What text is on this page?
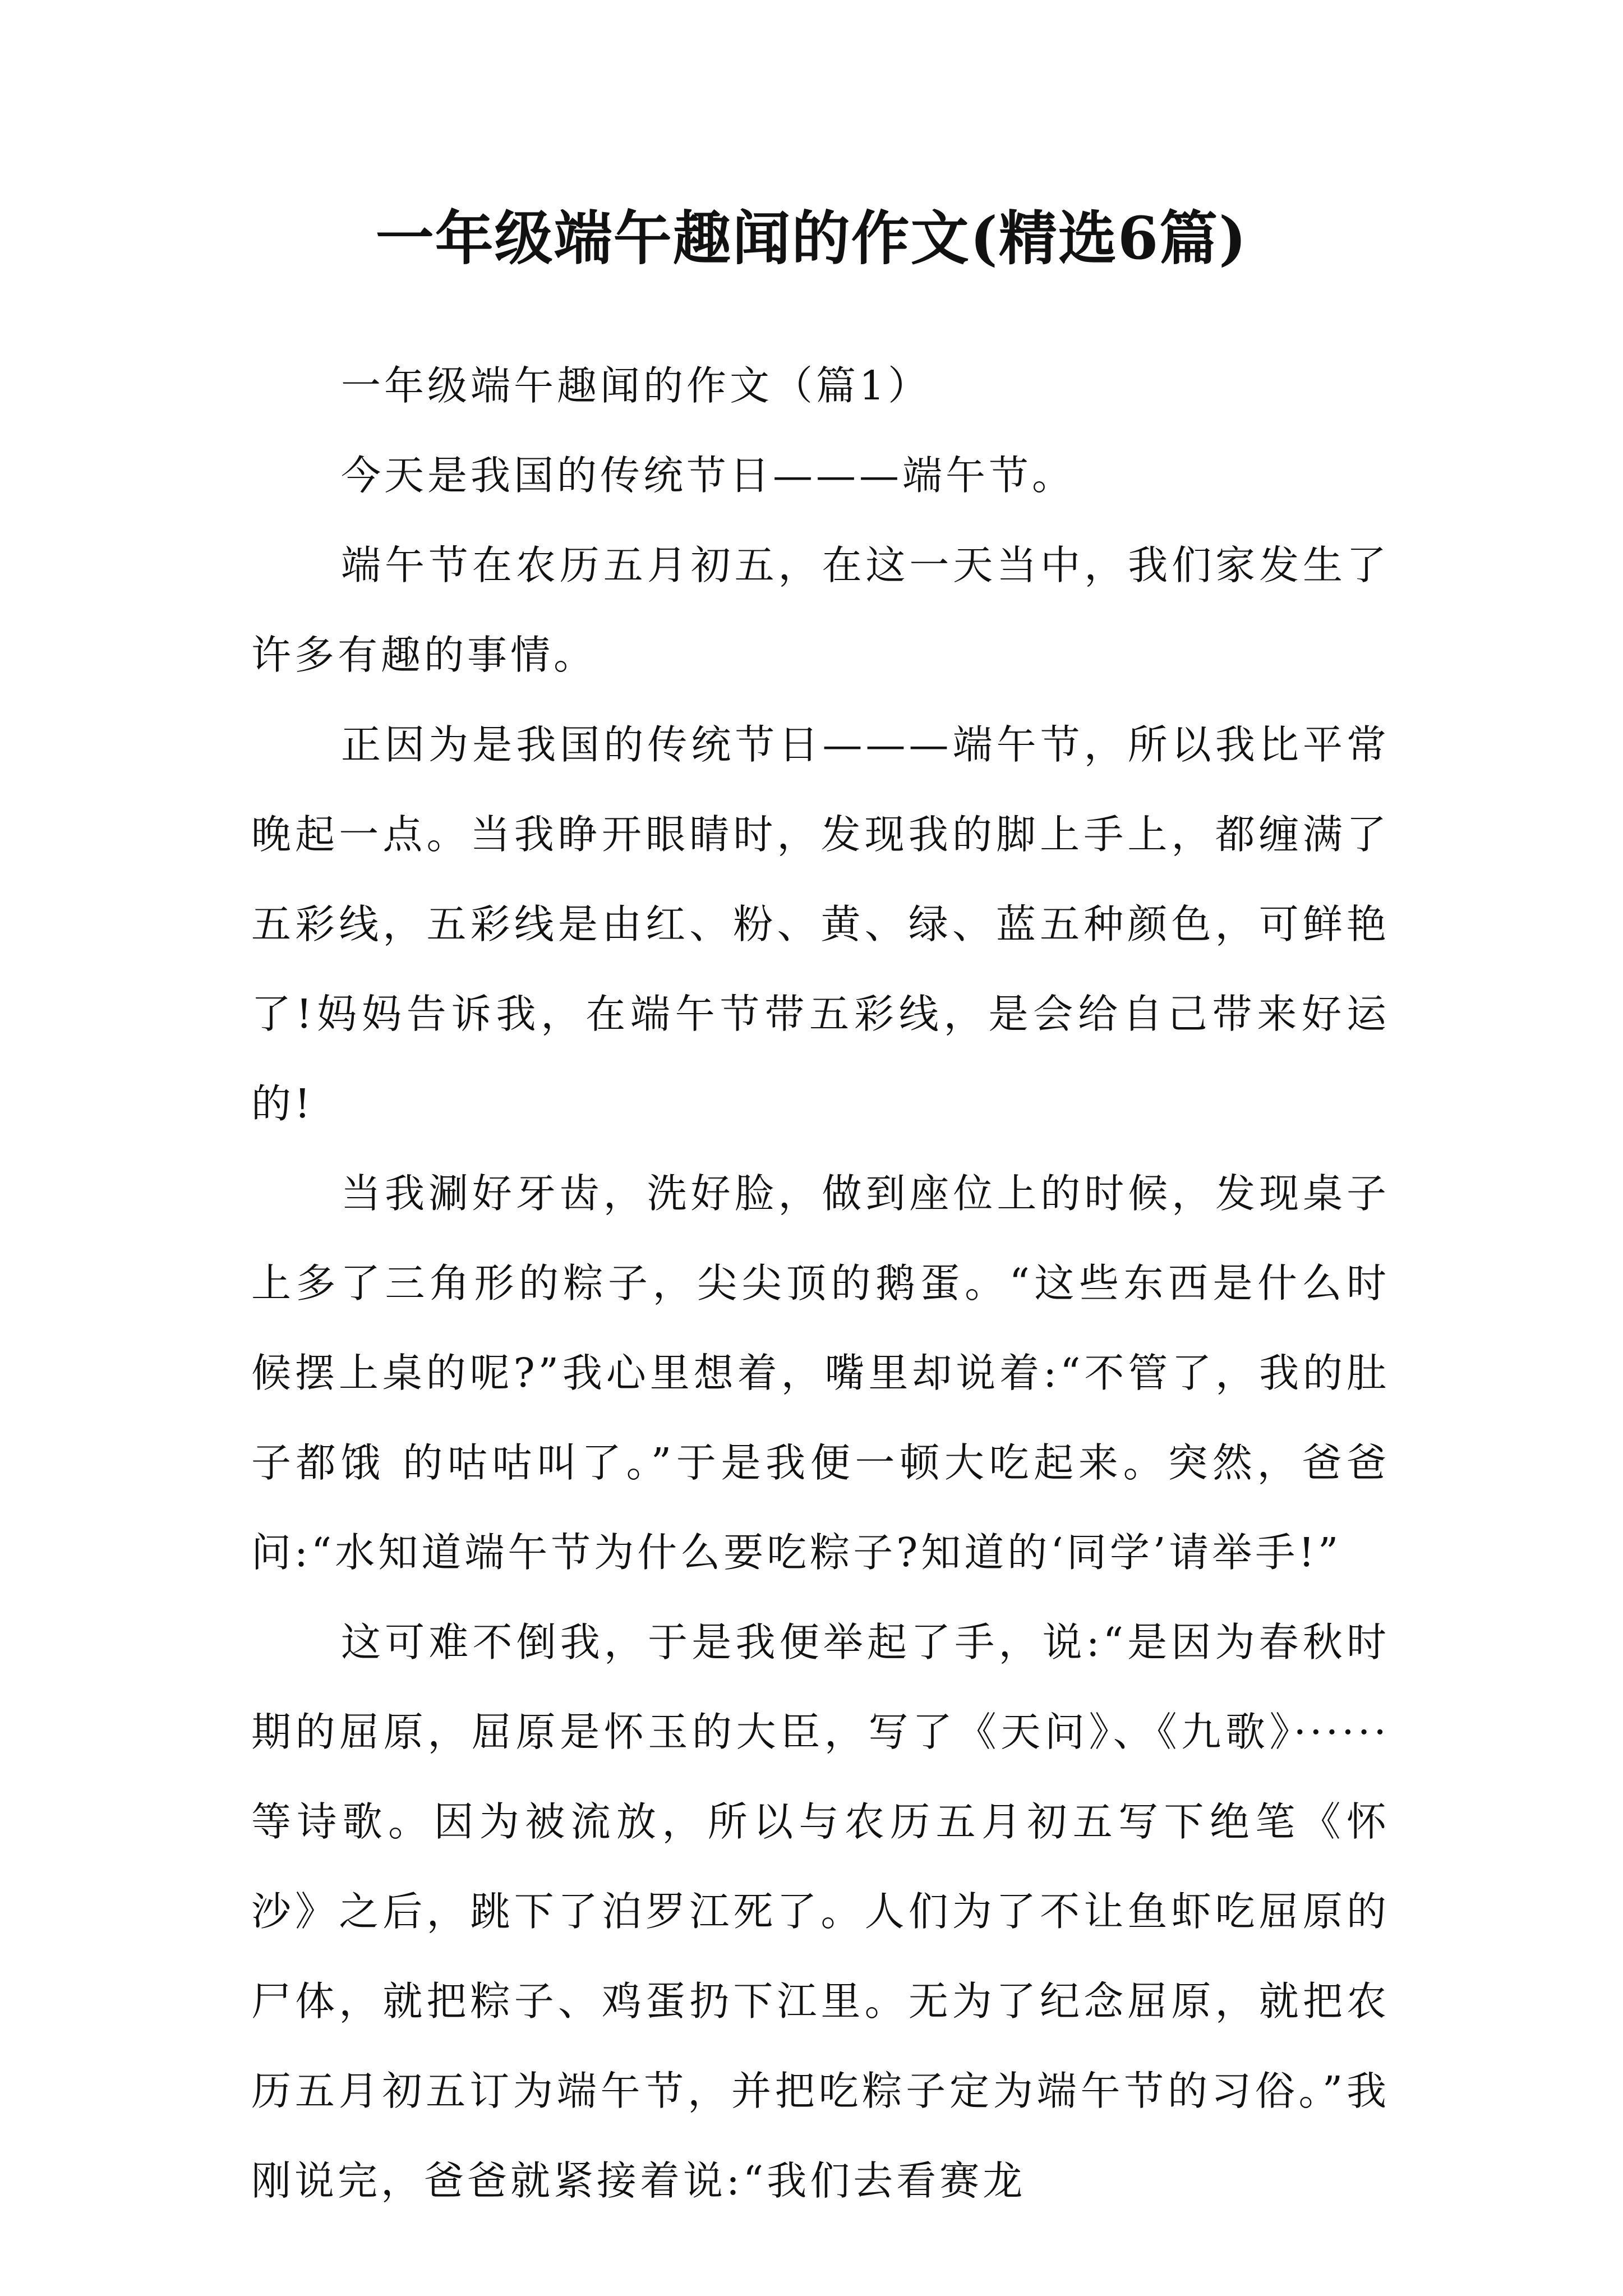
一年级端午趣闻的作文(精选6篇)
一年级端午趣闻的作文（篇1）

今天是我国的传统节日———端午节。

端午节在农历五月初五，在这一天当中，我们家发生了许多有趣的事情。

正因为是我国的传统节日———端午节，所以我比平常晚起一点。当我睁开眼睛时，发现我的脚上手上，都缠满了五彩线，五彩线是由红、粉、黄、绿、蓝五种颜色，可鲜艳了!妈妈告诉我，在端午节带五彩线，是会给自己带来好运的!

当我涮好牙齿，洗好脸，做到座位上的时候，发现桌子上多了三角形的粽子，尖尖顶的鹅蛋。“这些东西是什么时候摆上桌的呢?”我心里想着，嘴里却说着:“不管了，我的肚子都饿 的咕咕叫了。”于是我便一顿大吃起来。突然，爸爸问:“水知道端午节为什么要吃粽子?知道的‘同学’请举手!”

这可难不倒我，于是我便举起了手，说:“是因为春秋时期的屈原，屈原是怀玉的大臣，写了《天问》、《九歌》······等诗歌。因为被流放，所以与农历五月初五写下绝笔《怀沙》之后，跳下了泊罗江死了。人们为了不让鱼虾吃屈原的尸体，就把粽子、鸡蛋扔下江里。无为了纪念屈原，就把农历五月初五订为端午节，并把吃粽子定为端午节的习俗。”我刚说完，爸爸就紧接着说:“我们去看赛龙
